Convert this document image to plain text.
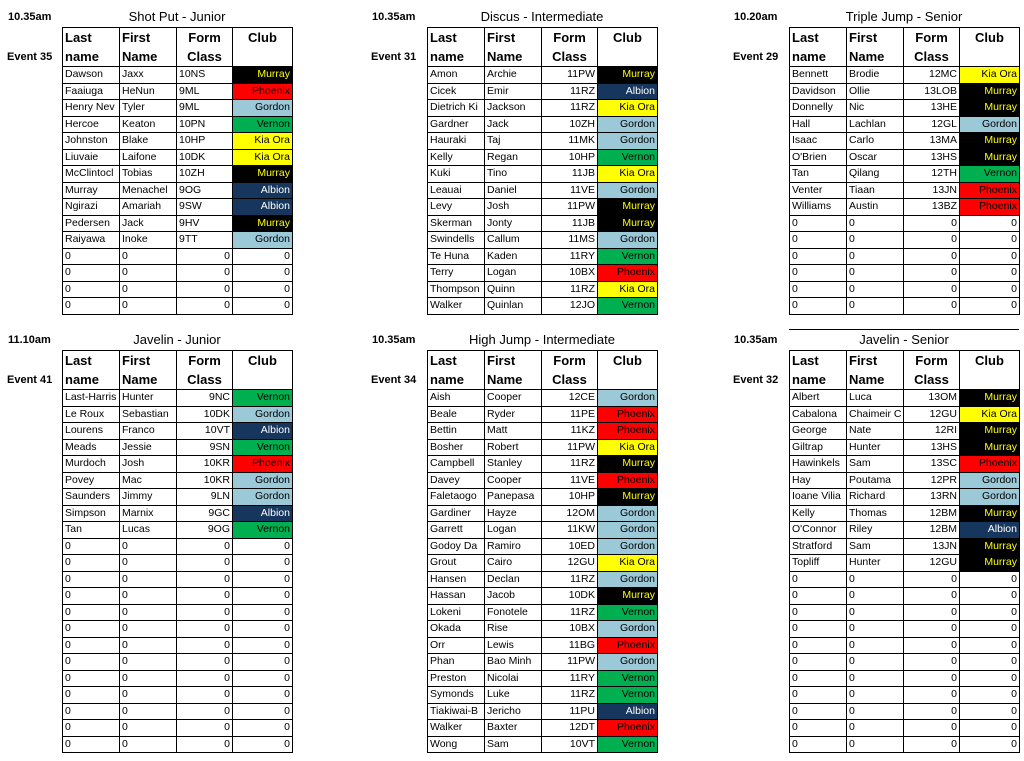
10.35am	Shot Put - Junior
Event 35
Last	First	Form	Club
name	Name	Class	
Dawson	Jaxx	10NS	Murray
Faaiuga	HeNun	9ML	Phoenix
Henry Nev	Tyler	9ML	Gordon
Hercoe	Keaton	10PN	Vernon
Johnston	Blake	10HP	Kia Ora
Liuvaie	Laifone	10DK	Kia Ora
McClintocl	Tobias	10ZH	Murray
Murray	Menachel	9OG	Albion
Ngirazi	Amariah	9SW	Albion
Pedersen	Jack	9HV	Murray
Raiyawa	Inoke	9TT	Gordon
0	0	0	0
0	0	0	0
0	0	0	0
0	0	0	0
10.35am	Discus - Intermediate
Event 31
Last	First	Form	Club
name	Name	Class	
Amon	Archie	11PW	Murray
Cicek	Emir	11RZ	Albion
Dietrich Ki	Jackson	11RZ	Kia Ora
Gardner	Jack	10ZH	Gordon
Hauraki	Taj	11MK	Gordon
Kelly	Regan	10HP	Vernon
Kuki	Tino	11JB	Kia Ora
Leauai	Daniel	11VE	Gordon
Levy	Josh	11PW	Murray
Skerman	Jonty	11JB	Murray
Swindells	Callum	11MS	Gordon
Te Huna	Kaden	11RY	Vernon
Terry	Logan	10BX	Phoenix
Thompson	Quinn	11RZ	Kia Ora
Walker	Quinlan	12JO	Vernon
10.20am	Triple Jump - Senior
Event 29
Last	First	Form	Club
name	Name	Class	
Bennett	Brodie	12MC	Kia Ora
Davidson	Ollie	13LOB	Murray
Donnelly	Nic	13HE	Murray
Hall	Lachlan	12GL	Gordon
Isaac	Carlo	13MA	Murray
O'Brien	Oscar	13HS	Murray
Tan	Qilang	12TH	Vernon
Venter	Tiaan	13JN	Phoenix
Williams	Austin	13BZ	Phoenix
0	0	0	0
0	0	0	0
0	0	0	0
0	0	0	0
0	0	0	0
0	0	0	0
11.10am	Javelin - Junior
Event 41
Last	First	Form	Club
name	Name	Class	
Last-Harris	Hunter	9NC	Vernon
Le Roux	Sebastian	10DK	Gordon
Lourens	Franco	10VT	Albion
Meads	Jessie	9SN	Vernon
Murdoch	Josh	10KR	Phoenix
Povey	Mac	10KR	Gordon
Saunders	Jimmy	9LN	Gordon
Simpson	Marnix	9GC	Albion
Tan	Lucas	9OG	Vernon
0	0	0	0
0	0	0	0
0	0	0	0
0	0	0	0
0	0	0	0
0	0	0	0
0	0	0	0
0	0	0	0
0	0	0	0
0	0	0	0
0	0	0	0
0	0	0	0
0	0	0	0
10.35am	High Jump - Intermediate
Event 34
Last	First	Form	Club
name	Name	Class	
Aish	Cooper	12CE	Gordon
Beale	Ryder	11PE	Phoenix
Bettin	Matt	11KZ	Phoenix
Bosher	Robert	11PW	Kia Ora
Campbell	Stanley	11RZ	Murray
Davey	Cooper	11VE	Phoenix
Faletaogo	Panepasa	10HP	Murray
Gardiner	Hayze	12OM	Gordon
Garrett	Logan	11KW	Gordon
Godoy Da	Ramiro	10ED	Gordon
Grout	Cairo	12GU	Kia Ora
Hansen	Declan	11RZ	Gordon
Hassan	Jacob	10DK	Murray
Lokeni	Fonotele	11RZ	Vernon
Okada	Rise	10BX	Gordon
Orr	Lewis	11BG	Phoenix
Phan	Bao Minh	11PW	Gordon
Preston	Nicolai	11RY	Vernon
Symonds	Luke	11RZ	Vernon
Tiakiwai-B	Jericho	11PU	Albion
Walker	Baxter	12DT	Phoenix
Wong	Sam	10VT	Vernon
10.35am	Javelin - Senior
Event 32
Last	First	Form	Club
name	Name	Class	
Albert	Luca	13OM	Murray
Cabalona	Chaimeir C	12GU	Kia Ora
George	Nate	12RI	Murray
Giltrap	Hunter	13HS	Murray
Hawinkels	Sam	13SC	Phoenix
Hay	Poutama	12PR	Gordon
Ioane Vilia	Richard	13RN	Gordon
Kelly	Thomas	12BM	Murray
O'Connor	Riley	12BM	Albion
Stratford	Sam	13JN	Murray
Topliff	Hunter	12GU	Murray
0	0	0	0
0	0	0	0
0	0	0	0
0	0	0	0
0	0	0	0
0	0	0	0
0	0	0	0
0	0	0	0
0	0	0	0
0	0	0	0
0	0	0	0
